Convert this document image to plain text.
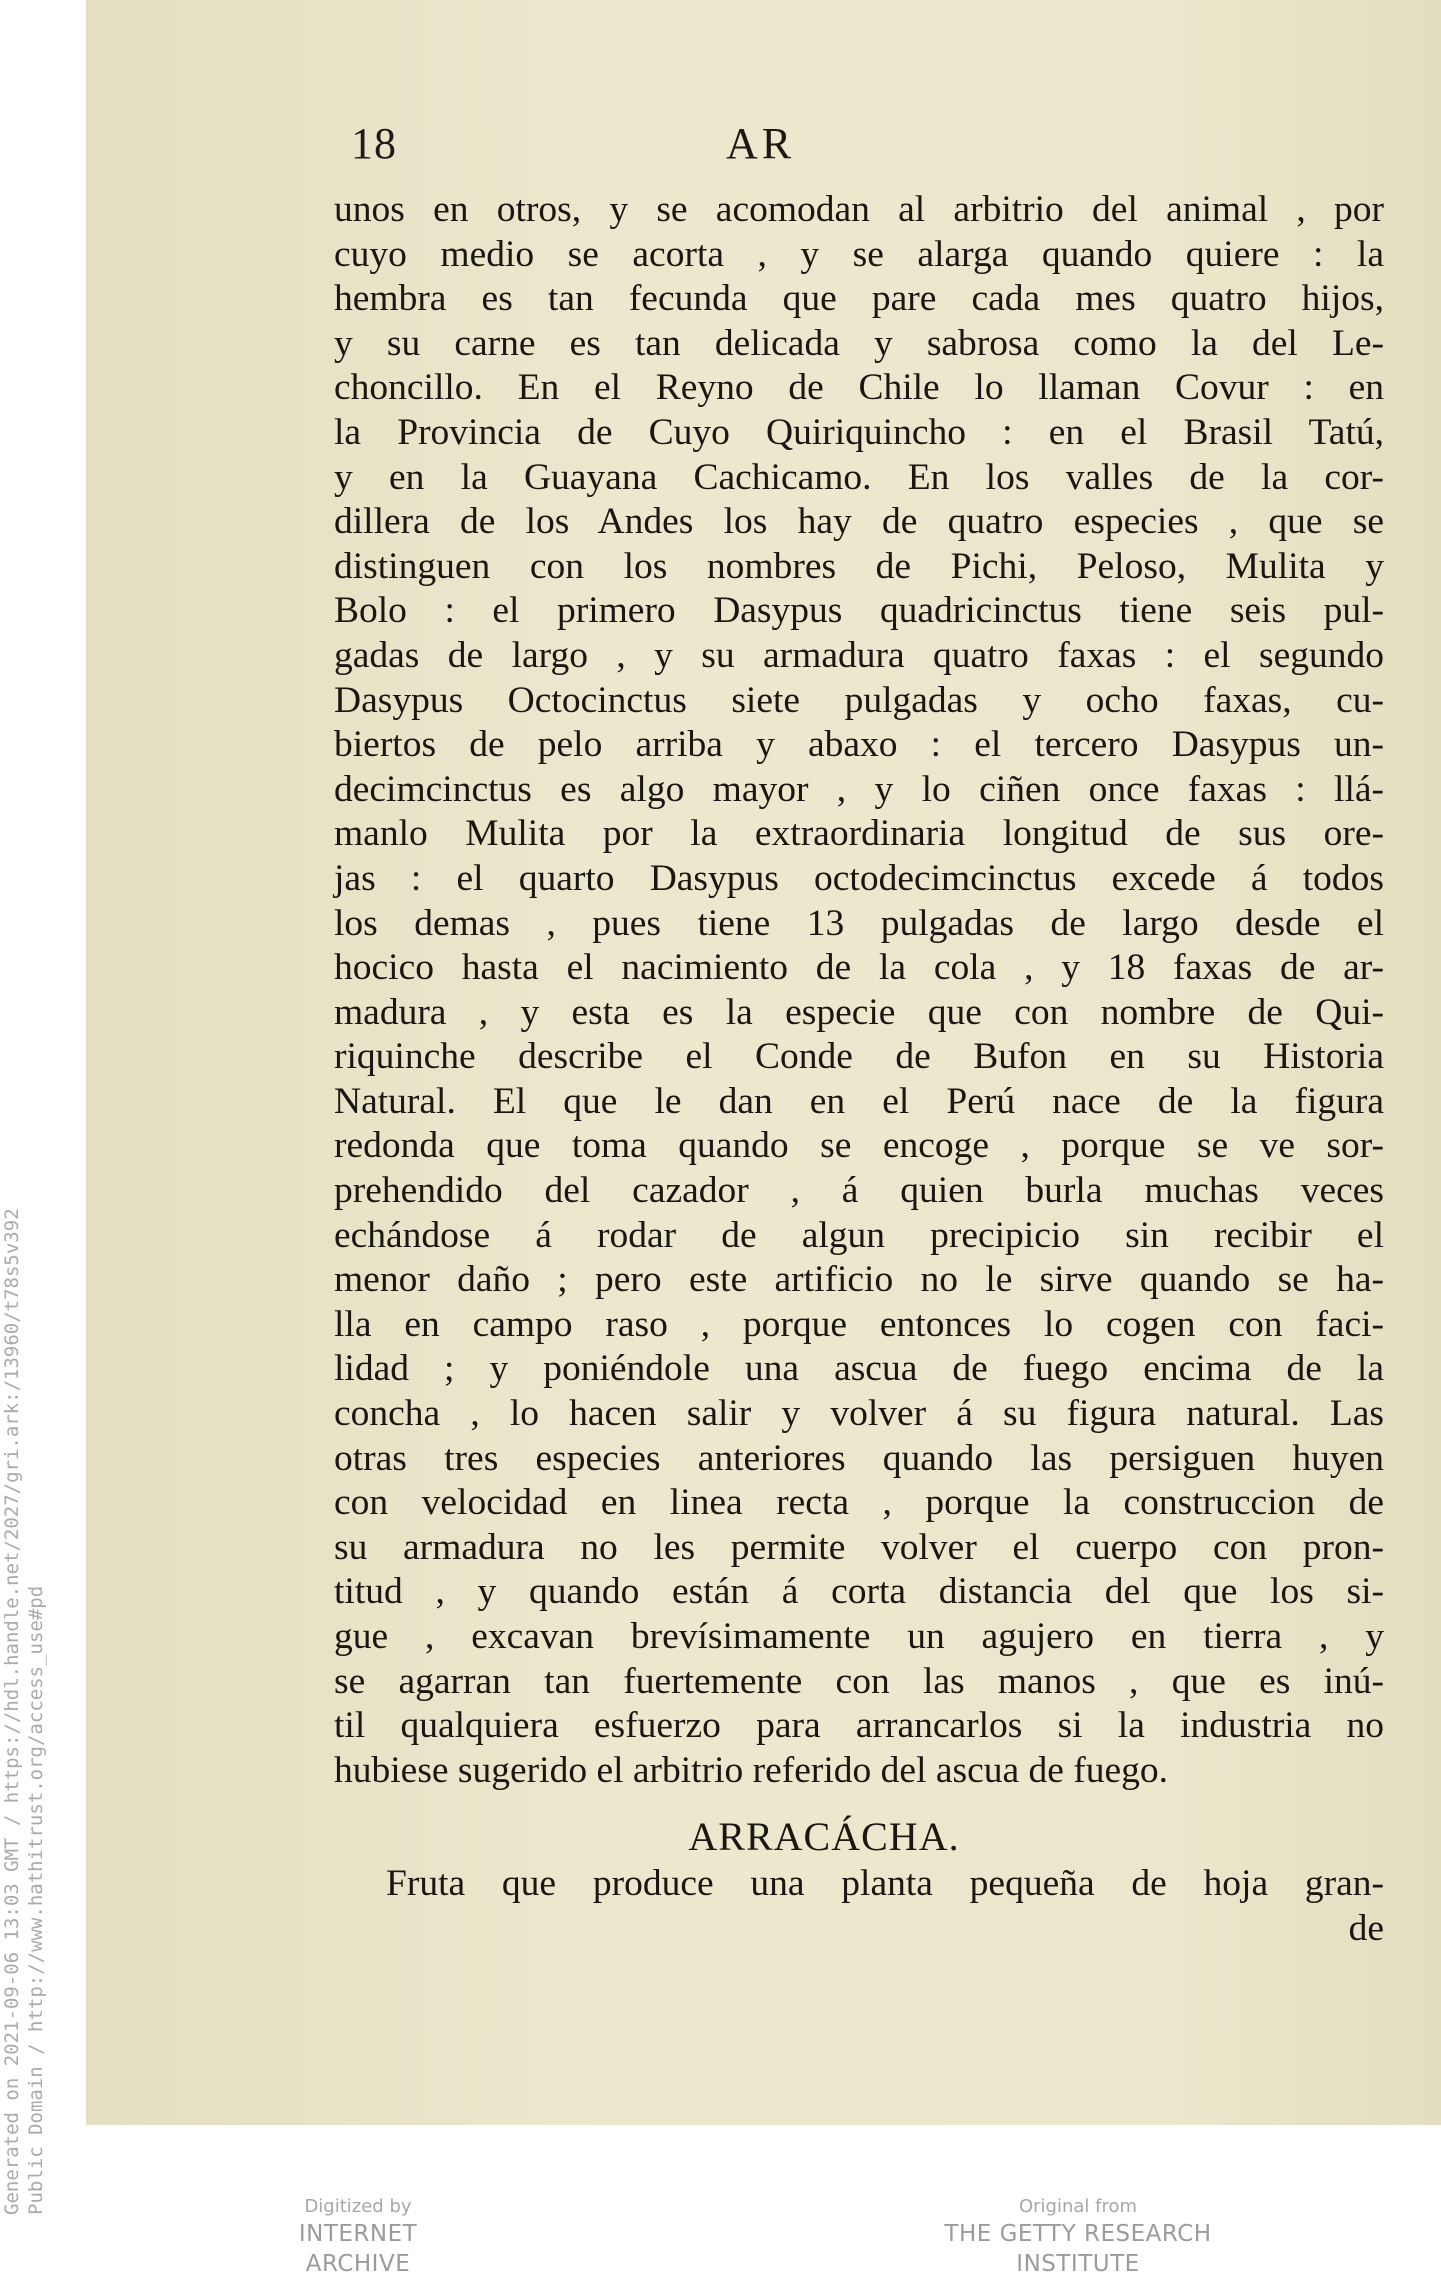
18	AR
unos en otros, y se acomodan al arbitrio del animal , por
cuyo medio se acorta , y se alarga quando quiere : la
hembra es tan fecunda que pare cada mes quatro hijos,
y su carne es tan delicada y sabrosa como la del Le-
choncillo. En el Reyno de Chile lo llaman Covur : en
la Provincia de Cuyo Quiriquincho : en el Brasil Tatú,
y en la Guayana Cachicamo. En los valles de la cor-
dillera de los Andes los hay de quatro especies , que se
distinguen con los nombres de Pichi, Peloso, Mulita y
Bolo : el primero Dasypus quadricinctus tiene seis pul-
gadas de largo , y su armadura quatro faxas : el segundo
Dasypus Octocinctus siete pulgadas y ocho faxas, cu-
biertos de pelo arriba y abaxo : el tercero Dasypus un-
decimcinctus es algo mayor , y lo ciñen once faxas : llá-
manlo Mulita por la extraordinaria longitud de sus ore-
jas : el quarto Dasypus octodecimcinctus excede á todos
los demas , pues tiene 13 pulgadas de largo desde el
hocico hasta el nacimiento de la cola , y 18 faxas de ar-
madura , y esta es la especie que con nombre de Qui-
riquinche describe el Conde de Bufon en su Historia
Natural. El que le dan en el Perú nace de la figura
redonda que toma quando se encoge , porque se ve sor-
prehendido del cazador , á quien burla muchas veces
echándose á rodar de algun precipicio sin recibir el
menor daño ; pero este artificio no le sirve quando se ha-
lla en campo raso , porque entonces lo cogen con faci-
lidad ; y poniéndole una ascua de fuego encima de la
concha , lo hacen salir y volver á su figura natural. Las
otras tres especies anteriores quando las persiguen huyen
con velocidad en linea recta , porque la construccion de
su armadura no les permite volver el cuerpo con pron-
titud , y quando están á corta distancia del que los si-
gue , excavan brevísimamente un agujero en tierra , y
se agarran tan fuertemente con las manos , que es inú-
til qualquiera esfuerzo para arrancarlos si la industria no
hubiese sugerido el arbitrio referido del ascua de fuego.
ARRACÁCHA.
Fruta que produce una planta pequeña de hoja gran-
de
Generated on 2021-09-06 13:03 GMT / https://hdl.handle.net/2027/gri.ark:/13960/t78s5v392 Public Domain / http://www.hathitrust.org/access_use#pd	Digitized by
INTERNET ARCHIVE
Original from
THE GETTY RESEARCH INSTITUTE
